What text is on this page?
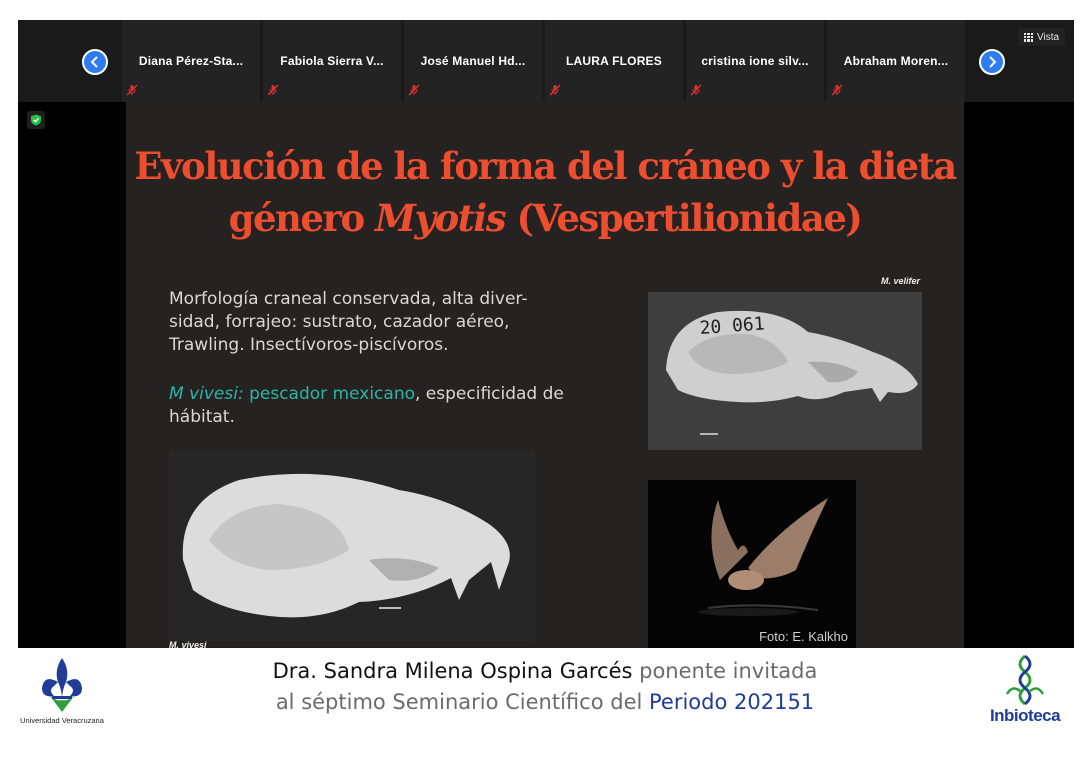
Diana Pérez-Sta...	Fabiola Sierra V...	José Manuel Hd...	LAURA FLORES	cristina ione silv...	Abraham Moren...
Vista
Evolución de la forma del cráneo y la dieta
género Myotis (Vespertilionidae)
Morfología craneal conservada, alta diver-sidad, forrajeo: sustrato, cazador aéreo, Trawling. Insectívoros-piscívoros.
M vivesi: pescador mexicano, especificidad de hábitat.
M. velifer
20 061
M. vivesi
Foto: E. Kalkho
Universidad Veracruzana
Dra. Sandra Milena Ospina Garcés ponente invitada
al séptimo Seminario Científico del Periodo 202151
Inbioteca
